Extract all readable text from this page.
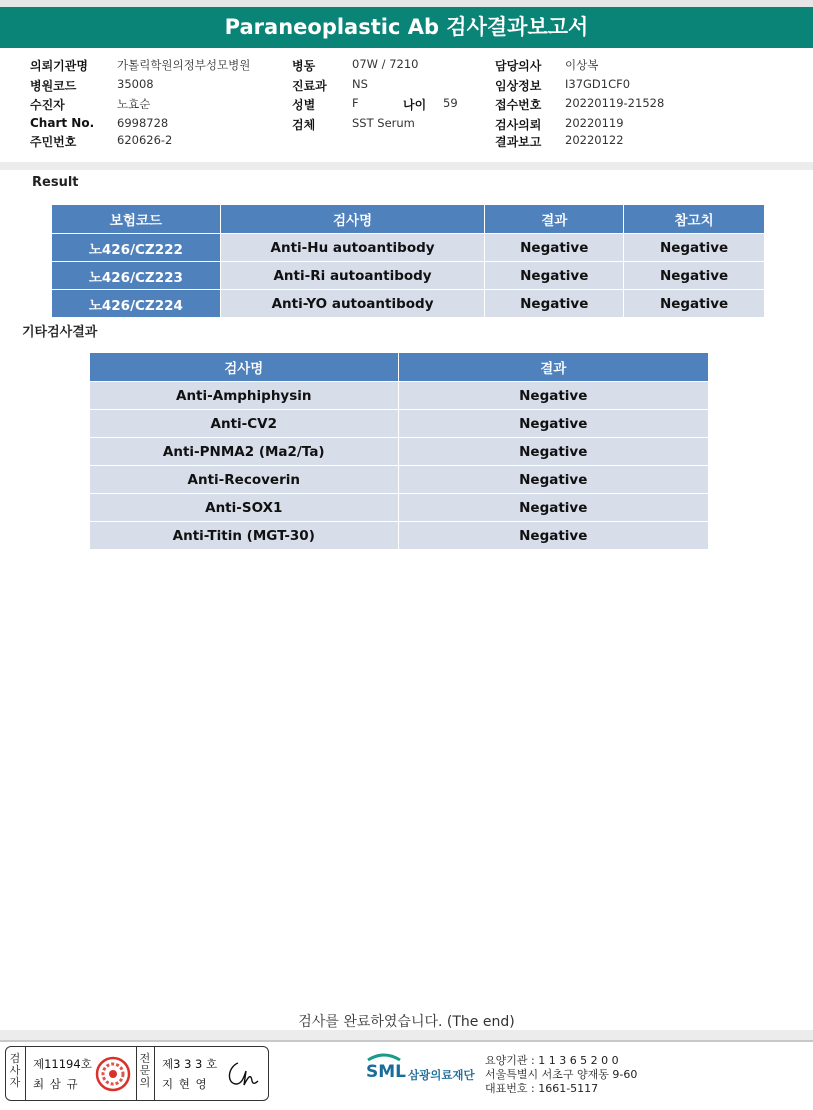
Paraneoplastic Ab 검사결과보고서
의뢰기관명	가톨릭학원의정부성모병원
병원코드	35008
수진자	노효순
Chart No. 6998728
주민번호	620626-2
병동	07W / 7210
진료과 NS
성별	F	나이 59
검체	SST Serum
담당의사 이상복
임상정보 I37GD1CF0
접수번호 20220119-21528
검사의뢰 20220119
결과보고 20220122
Result
보험코드	검사명	결과	참고치
노426/CZ222	Anti-Hu autoantibody	Negative	Negative
노426/CZ223	Anti-Ri autoantibody	Negative	Negative
노426/CZ224	Anti-YO autoantibody	Negative	Negative
기타검사결과
검사명	결과
Anti-Amphiphysin	Negative
Anti-CV2	Negative
Anti-PNMA2 (Ma2/Ta)	Negative
Anti-Recoverin	Negative
Anti-SOX1	Negative
Anti-Titin (MGT-30)	Negative
검사를 완료하였습니다. (The end)
검사자
제11194호
최 삼 규
전문의
제3 3 3 호
지 현 영
SML 삼광의료재단
요양기관 : 1 1 3 6 5 2 0 0
서울특별시 서초구 양재동 9-60
대표번호 : 1661-5117
